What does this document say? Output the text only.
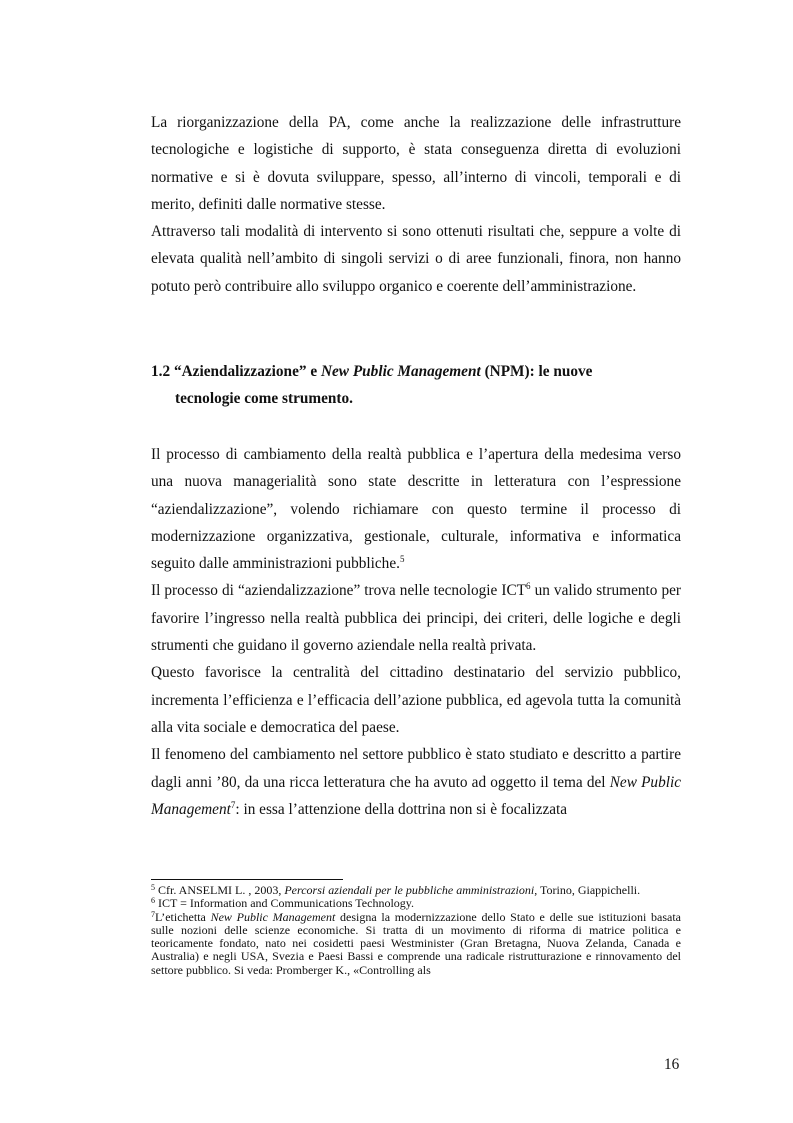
La riorganizzazione della PA, come anche la realizzazione delle infrastrutture tecnologiche e logistiche di supporto, è stata conseguenza diretta di evoluzioni normative e si è dovuta sviluppare, spesso, all’interno di vincoli, temporali e di merito, definiti dalle normative stesse.

Attraverso tali modalità di intervento si sono ottenuti risultati che, seppure a volte di elevata qualità nell’ambito di singoli servizi o di aree funzionali, finora, non hanno potuto però contribuire allo sviluppo organico e coerente dell’amministrazione.

1.2 “Aziendalizzazione” e New Public Management (NPM): le nuove
tecnologie come strumento.

Il processo di cambiamento della realtà pubblica e l’apertura della medesima verso una nuova managerialità sono state descritte in letteratura con l’espressione “aziendalizzazione”, volendo richiamare con questo termine il processo di modernizzazione organizzativa, gestionale, culturale, informativa e informatica seguito dalle amministrazioni pubbliche.$^5$

Il processo di “aziendalizzazione” trova nelle tecnologie ICT$^6$ un valido strumento per favorire l’ingresso nella realtà pubblica dei principi, dei criteri, delle logiche e degli strumenti che guidano il governo aziendale nella realtà privata.

Questo favorisce la centralità del cittadino destinatario del servizio pubblico, incrementa l’efficienza e l’efficacia dell’azione pubblica, ed agevola tutta la comunità alla vita sociale e democratica del paese.

Il fenomeno del cambiamento nel settore pubblico è stato studiato e descritto a partire dagli anni ’80, da una ricca letteratura che ha avuto ad oggetto il tema del New Public Management$^7$: in essa l’attenzione della dottrina non si è focalizzata

$^5$ Cfr. ANSELMI L. , 2003, Percorsi aziendali per le pubbliche amministrazioni, Torino, Giappichelli.

$^6$ ICT = Information and Communications Technology.

$^7$L’etichetta New Public Management designa la modernizzazione dello Stato e delle sue istituzioni basata sulle nozioni delle scienze economiche. Si tratta di un movimento di riforma di matrice politica e teoricamente fondato, nato nei cosidetti paesi Westminister (Gran Bretagna, Nuova Zelanda, Canada e Australia) e negli USA, Svezia e Paesi Bassi e comprende una radicale ristrutturazione e rinnovamento del settore pubblico. Si veda: Promberger K., «Controlling als

16
